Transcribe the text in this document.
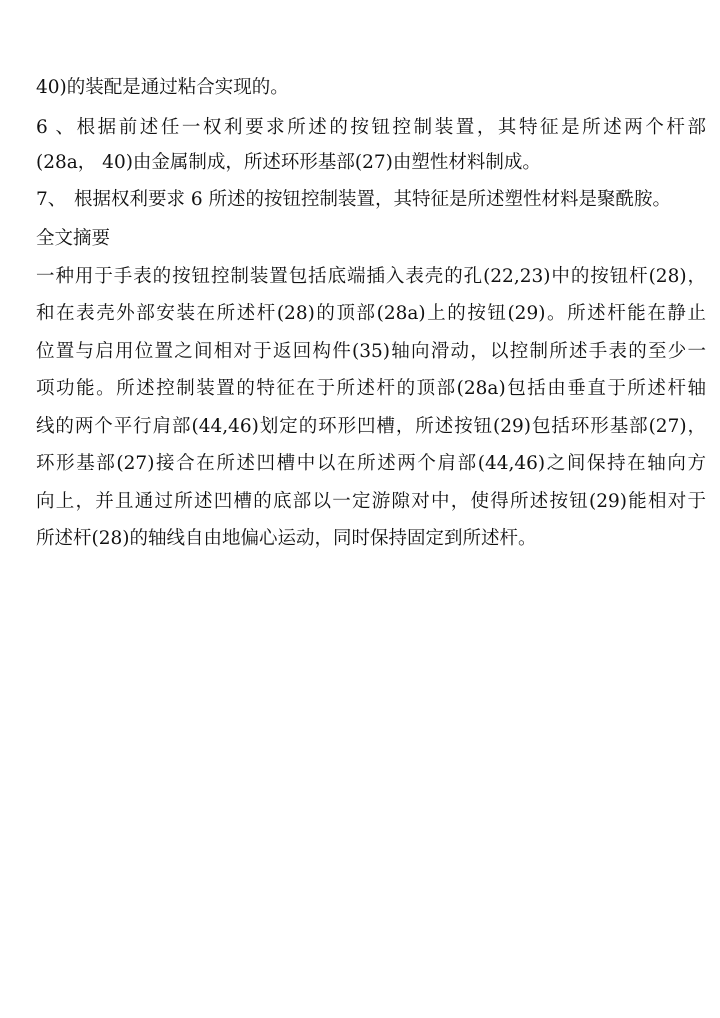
40)的装配是通过粘合实现的。
6、根据前述任一权利要求所述的按钮控制装置，其特征是所述两个杆部
(28a， 40)由金属制成，所述环形基部(27)由塑性材料制成。
7、 根据权利要求 6 所述的按钮控制装置，其特征是所述塑性材料是聚酰胺。
全文摘要
一种用于手表的按钮控制装置包括底端插入表壳的孔(22,23)中的按钮杆(28)，
和在表壳外部安装在所述杆(28)的顶部(28a)上的按钮(29)。所述杆能在静止
位置与启用位置之间相对于返回构件(35)轴向滑动，以控制所述手表的至少一
项功能。所述控制装置的特征在于所述杆的顶部(28a)包括由垂直于所述杆轴
线的两个平行肩部(44,46)划定的环形凹槽，所述按钮(29)包括环形基部(27)，
环形基部(27)接合在所述凹槽中以在所述两个肩部(44,46)之间保持在轴向方
向上，并且通过所述凹槽的底部以一定游隙对中，使得所述按钮(29)能相对于
所述杆(28)的轴线自由地偏心运动，同时保持固定到所述杆。
